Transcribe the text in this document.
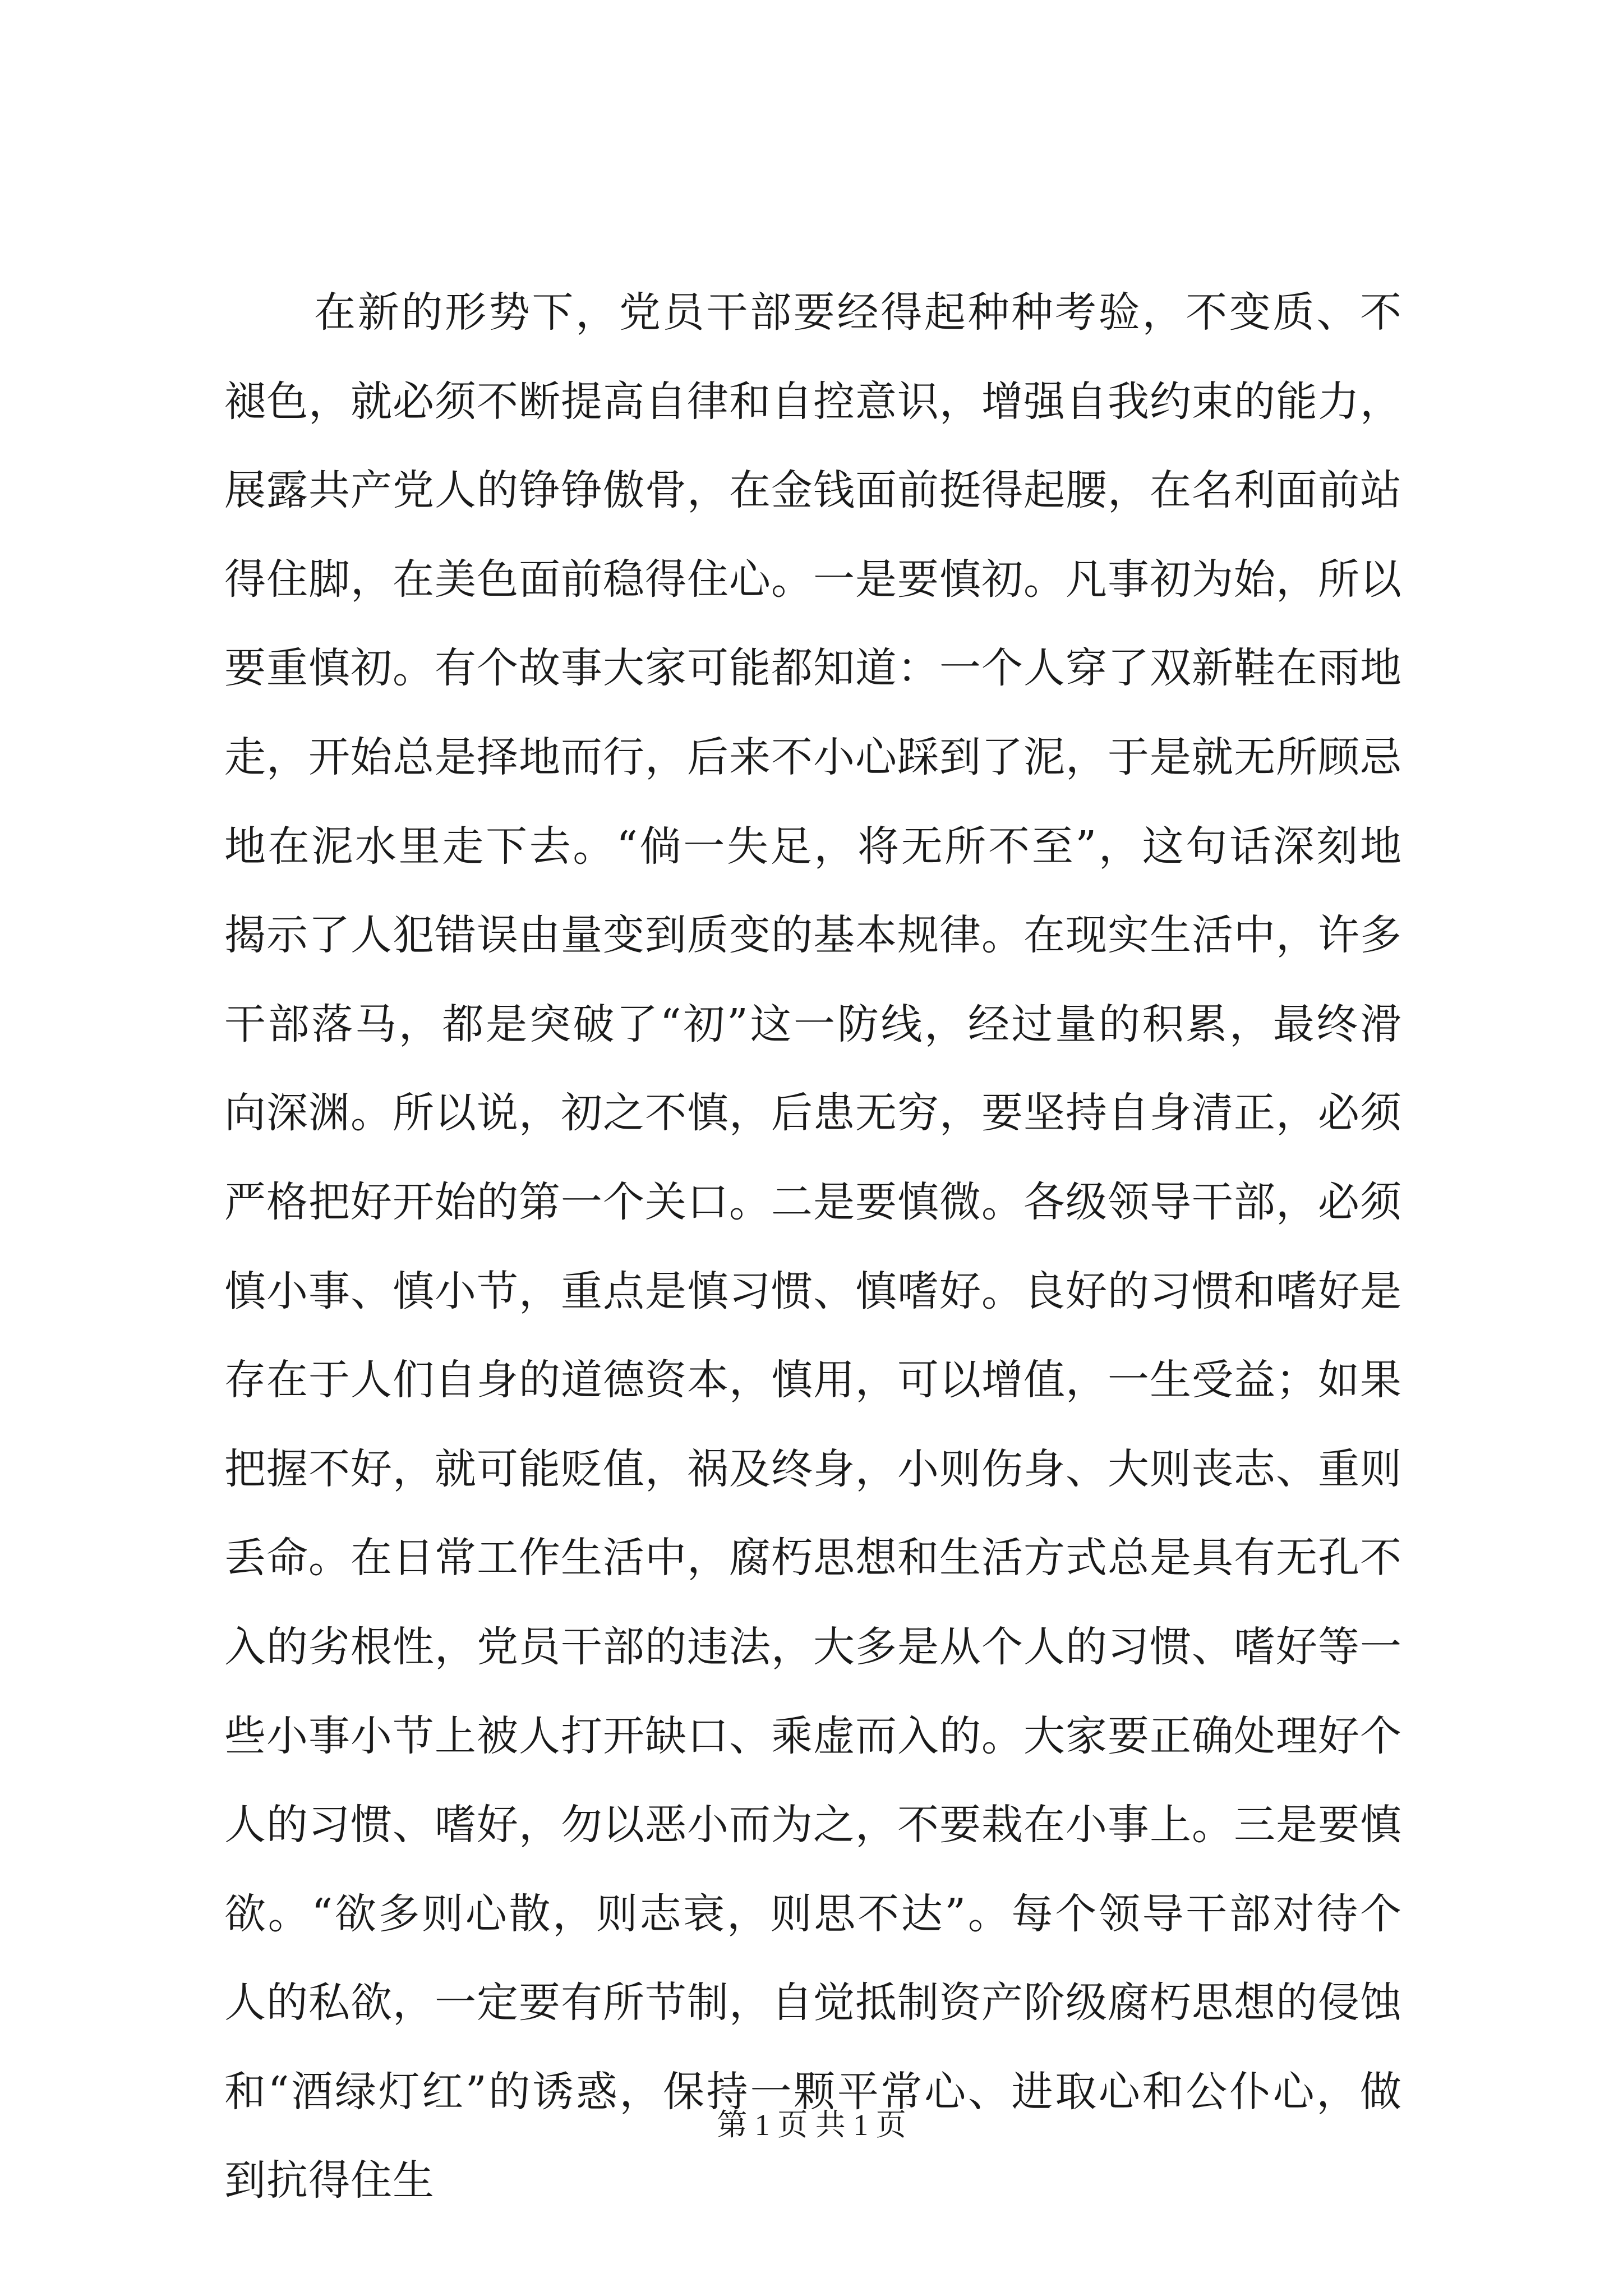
在新的形势下，党员干部要经得起种种考验，不变质、不褪色，就必须不断提高自律和自控意识，增强自我约束的能力，展露共产党人的铮铮傲骨，在金钱面前挺得起腰，在名利面前站得住脚，在美色面前稳得住心。一是要慎初。凡事初为始，所以要重慎初。有个故事大家可能都知道：一个人穿了双新鞋在雨地走，开始总是择地而行，后来不小心踩到了泥，于是就无所顾忌地在泥水里走下去。“倘一失足，将无所不至”，这句话深刻地揭示了人犯错误由量变到质变的基本规律。在现实生活中，许多干部落马，都是突破了“初”这一防线，经过量的积累，最终滑向深渊。所以说，初之不慎，后患无穷，要坚持自身清正，必须严格把好开始的第一个关口。二是要慎微。各级领导干部，必须慎小事、慎小节，重点是慎习惯、慎嗜好。良好的习惯和嗜好是存在于人们自身的道德资本，慎用，可以增值，一生受益；如果把握不好，就可能贬值，祸及终身，小则伤身、大则丧志、重则丢命。在日常工作生活中，腐朽思想和生活方式总是具有无孔不入的劣根性，党员干部的违法，大多是从个人的习惯、嗜好等一些小事小节上被人打开缺口、乘虚而入的。大家要正确处理好个人的习惯、嗜好，勿以恶小而为之，不要栽在小事上。三是要慎欲。“欲多则心散，则志衰，则思不达”。每个领导干部对待个人的私欲，一定要有所节制，自觉抵制资产阶级腐朽思想的侵蚀和“酒绿灯红”的诱惑，保持一颗平常心、进取心和公仆心，做到抗得住生

第 1 页 共 1 页
